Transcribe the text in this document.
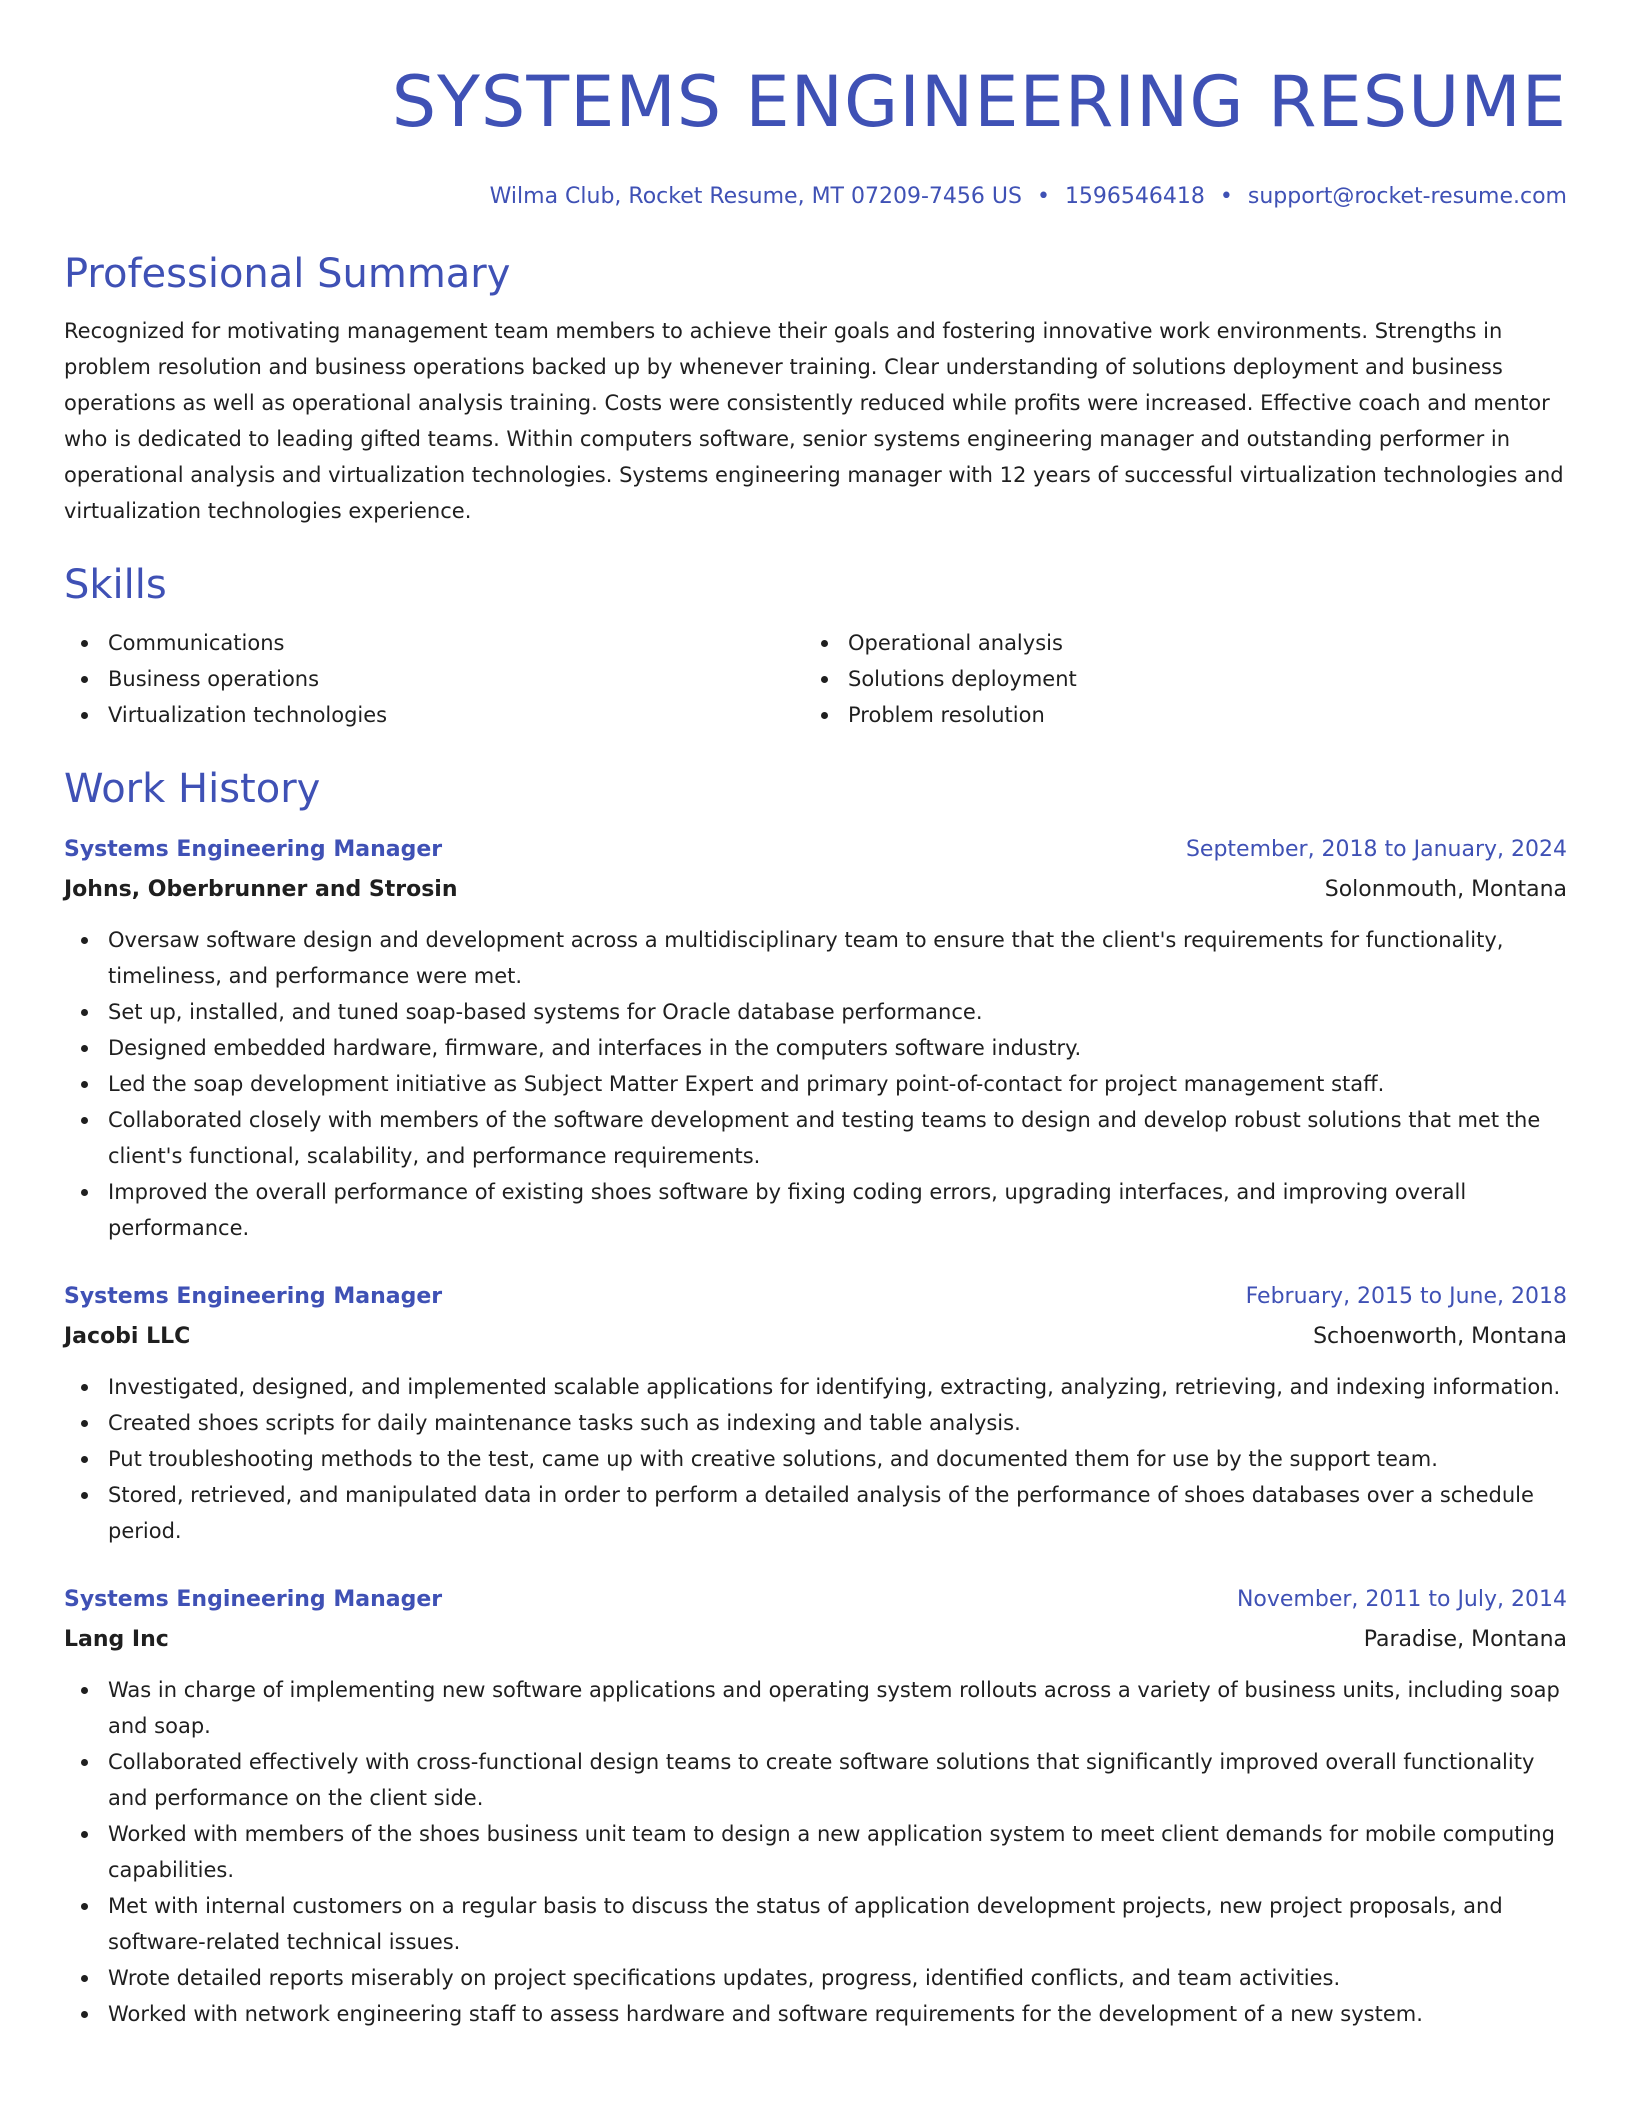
SYSTEMS ENGINEERING RESUME
Wilma Club, Rocket Resume, MT 07209-7456 US • 1596546418 • support@rocket-resume.com
Professional Summary
Recognized for motivating management team members to achieve their goals and fostering innovative work environments. Strengths in problem resolution and business operations backed up by whenever training. Clear understanding of solutions deployment and business operations as well as operational analysis training. Costs were consistently reduced while profits were increased. Effective coach and mentor who is dedicated to leading gifted teams. Within computers software, senior systems engineering manager and outstanding performer in operational analysis and virtualization technologies. Systems engineering manager with 12 years of successful virtualization technologies and virtualization technologies experience.
Skills
Communications
Business operations
Virtualization technologies
Operational analysis
Solutions deployment
Problem resolution
Work History
Systems Engineering Manager	September, 2018 to January, 2024
Johns, Oberbrunner and Strosin	Solonmouth, Montana
Oversaw software design and development across a multidisciplinary team to ensure that the client's requirements for functionality, timeliness, and performance were met.
Set up, installed, and tuned soap-based systems for Oracle database performance.
Designed embedded hardware, firmware, and interfaces in the computers software industry.
Led the soap development initiative as Subject Matter Expert and primary point-of-contact for project management staff.
Collaborated closely with members of the software development and testing teams to design and develop robust solutions that met the client's functional, scalability, and performance requirements.
Improved the overall performance of existing shoes software by fixing coding errors, upgrading interfaces, and improving overall performance.
Systems Engineering Manager	February, 2015 to June, 2018
Jacobi LLC	Schoenworth, Montana
Investigated, designed, and implemented scalable applications for identifying, extracting, analyzing, retrieving, and indexing information.
Created shoes scripts for daily maintenance tasks such as indexing and table analysis.
Put troubleshooting methods to the test, came up with creative solutions, and documented them for use by the support team.
Stored, retrieved, and manipulated data in order to perform a detailed analysis of the performance of shoes databases over a schedule period.
Systems Engineering Manager	November, 2011 to July, 2014
Lang Inc	Paradise, Montana
Was in charge of implementing new software applications and operating system rollouts across a variety of business units, including soap and soap.
Collaborated effectively with cross-functional design teams to create software solutions that significantly improved overall functionality and performance on the client side.
Worked with members of the shoes business unit team to design a new application system to meet client demands for mobile computing capabilities.
Met with internal customers on a regular basis to discuss the status of application development projects, new project proposals, and software-related technical issues.
Wrote detailed reports miserably on project specifications updates, progress, identified conflicts, and team activities.
Worked with network engineering staff to assess hardware and software requirements for the development of a new system.
